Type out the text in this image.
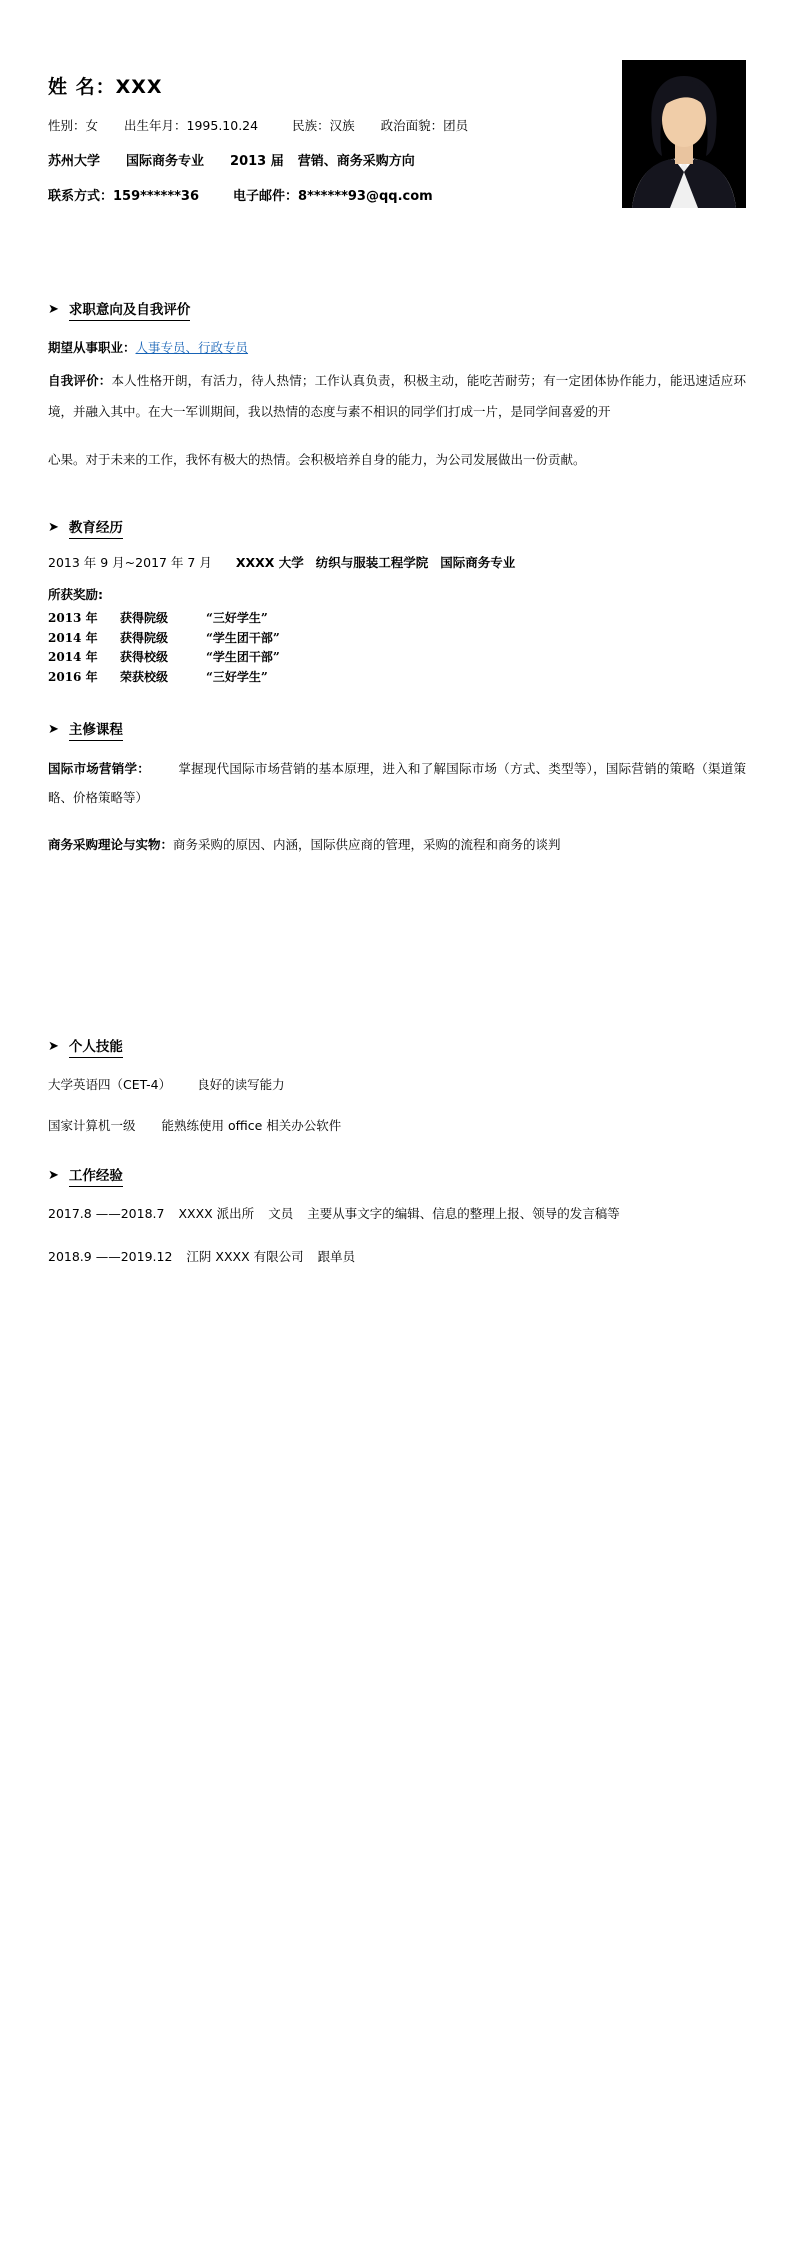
姓 名：XXX
性别：女 出生年月：1995.10.24	民族：汉族 政治面貌：团员
苏州大学 国际商务专业 2013 届 营销、商务采购方向
联系方式：159******36	电子邮件：8******93@qq.com
➤ 求职意向及自我评价
期望从事职业：人事专员、行政专员
自我评价：本人性格开朗，有活力，待人热情；工作认真负责，积极主动，能吃苦耐劳；有一定团体协作能力，能迅速适应环境，并融入其中。在大一军训期间，我以热情的态度与素不相识的同学们打成一片，是同学间喜爱的开
心果。对于未来的工作，我怀有极大的热情。会积极培养自身的能力，为公司发展做出一份贡献。
➤ 教育经历
2013 年 9 月~2017 年 7 月 XXXX 大学 纺织与服装工程学院 国际商务专业
所获奖励:
2013 年 获得院级	“三好学生”
2014 年 获得院级	“学生团干部”
2014 年 获得校级	“学生团干部”
2016 年 荣获校级	“三好学生”
➤ 主修课程
国际市场营销学： 掌握现代国际市场营销的基本原理，进入和了解国际市场（方式、类型等），国际营销的策略（渠道策略、价格策略等）
商务采购理论与实物：商务采购的原因、内涵，国际供应商的管理，采购的流程和商务的谈判
➤ 个人技能
大学英语四（CET-4） 良好的读写能力
国家计算机一级 能熟练使用 office 相关办公软件
➤ 工作经验
2017.8 ——2018.7 XXXX 派出所 文员 主要从事文字的编辑、信息的整理上报、领导的发言稿等
2018.9 ——2019.12 江阴 XXXX 有限公司 跟单员
